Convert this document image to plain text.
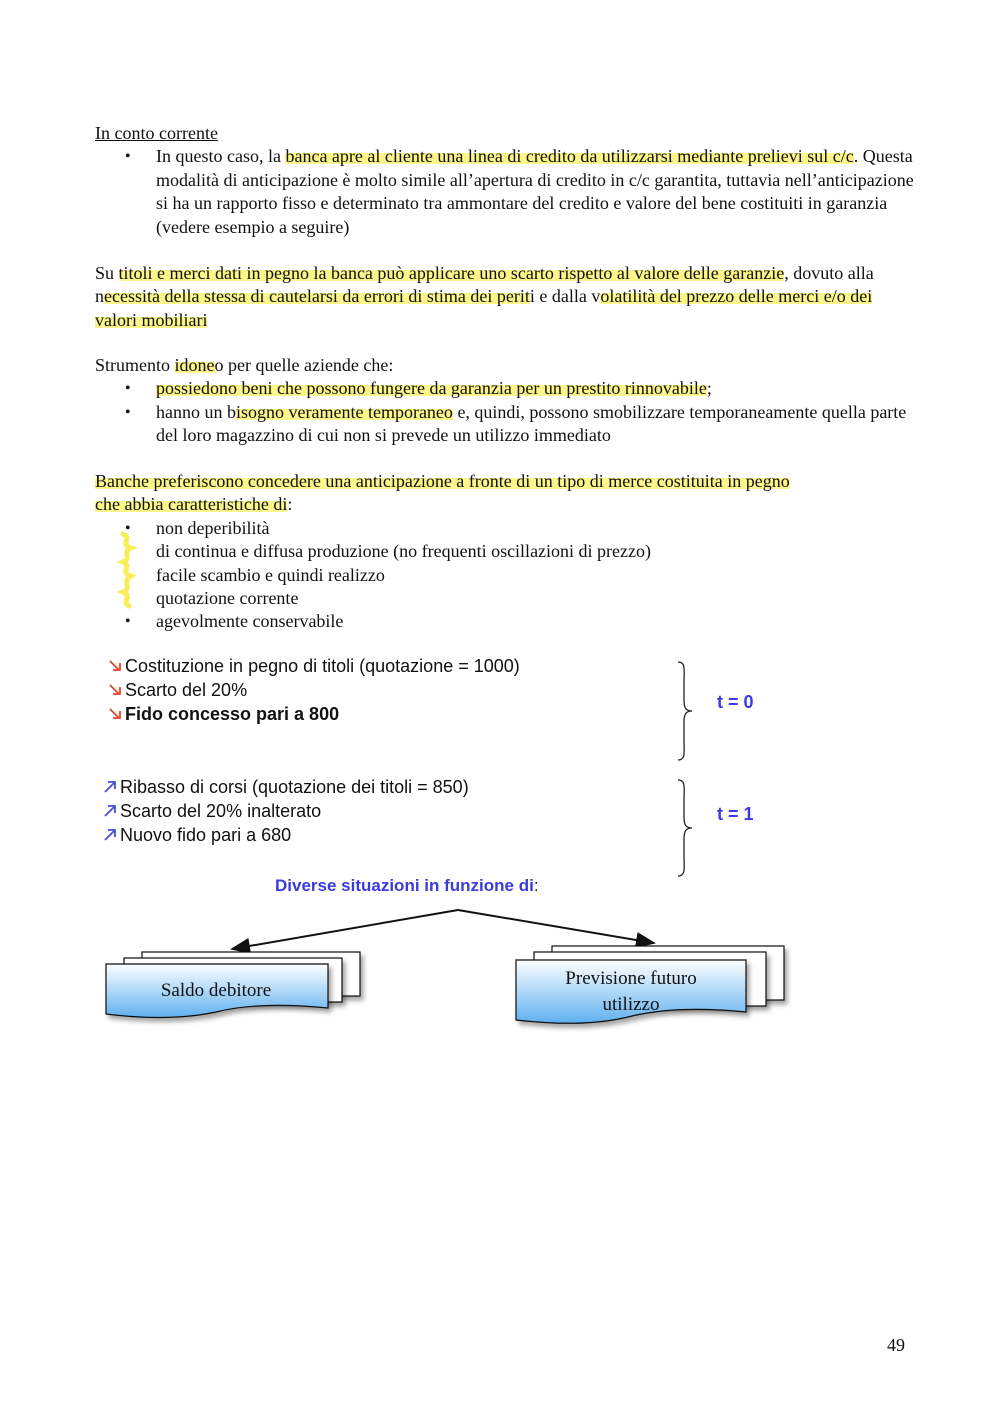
In conto corrente
• In questo caso, la banca apre al cliente una linea di credito da utilizzarsi mediante prelievi sul c/c. Questa modalità di anticipazione è molto simile all’apertura di credito in c/c garantita, tuttavia nell’anticipazione si ha un rapporto fisso e determinato tra ammontare del credito e valore del bene costituiti in garanzia (vedere esempio a seguire)
Su titoli e merci dati in pegno la banca può applicare uno scarto rispetto al valore delle garanzie, dovuto alla necessità della stessa di cautelarsi da errori di stima dei periti e dalla volatilità del prezzo delle merci e/o dei valori mobiliari
Strumento idoneo per quelle aziende che:
• possiedono beni che possono fungere da garanzia per un prestito rinnovabile;
• hanno un bisogno veramente temporaneo e, quindi, possono smobilizzare temporaneamente quella parte del loro magazzino di cui non si prevede un utilizzo immediato
Banche preferiscono concedere una anticipazione a fronte di un tipo di merce costituita in pegno che abbia caratteristiche di:
• non deperibilità
• di continua e diffusa produzione (no frequenti oscillazioni di prezzo)
• facile scambio e quindi realizzo
• quotazione corrente
• agevolmente conservabile
Costituzione in pegno di titoli (quotazione = 1000)
Scarto del 20%
Fido concesso pari a 800
t = 0
Ribasso di corsi (quotazione dei titoli = 850)
Scarto del 20% inalterato
Nuovo fido pari a 680
t = 1
Diverse situazioni in funzione di:
Saldo debitore
Previsione futuro
utilizzo
49
